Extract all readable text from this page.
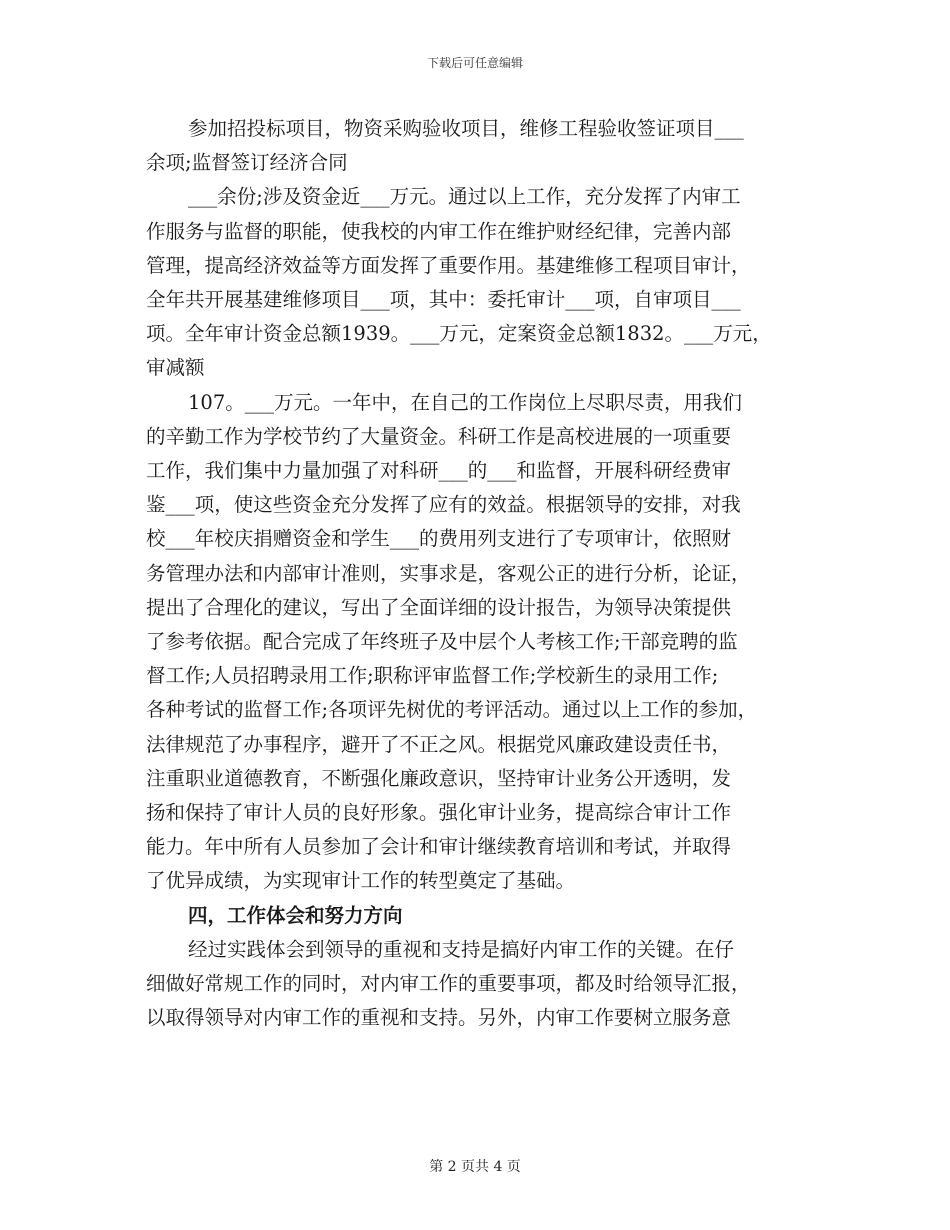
下载后可任意编辑
参加招投标项目，物资采购验收项目，维修工程验收签证项目___
余项;监督签订经济合同
___余份;涉及资金近___万元。通过以上工作，充分发挥了内审工
作服务与监督的职能，使我校的内审工作在维护财经纪律，完善内部
管理，提高经济效益等方面发挥了重要作用。基建维修工程项目审计，
全年共开展基建维修项目___项，其中：委托审计___项，自审项目___
项。全年审计资金总额1939。___万元，定案资金总额1832。___万元，
审减额
107。___万元。一年中，在自己的工作岗位上尽职尽责，用我们
的辛勤工作为学校节约了大量资金。科研工作是高校进展的一项重要
工作，我们集中力量加强了对科研___的___和监督，开展科研经费审
鉴___项，使这些资金充分发挥了应有的效益。根据领导的安排，对我
校___年校庆捐赠资金和学生___的费用列支进行了专项审计，依照财
务管理办法和内部审计准则，实事求是，客观公正的进行分析，论证，
提出了合理化的建议，写出了全面详细的设计报告，为领导决策提供
了参考依据。配合完成了年终班子及中层个人考核工作;干部竞聘的监
督工作;人员招聘录用工作;职称评审监督工作;学校新生的录用工作;
各种考试的监督工作;各项评先树优的考评活动。通过以上工作的参加，
法律规范了办事程序，避开了不正之风。根据党风廉政建设责任书，
注重职业道德教育，不断强化廉政意识，坚持审计业务公开透明，发
扬和保持了审计人员的良好形象。强化审计业务，提高综合审计工作
能力。年中所有人员参加了会计和审计继续教育培训和考试，并取得
了优异成绩，为实现审计工作的转型奠定了基础。
四，工作体会和努力方向
经过实践体会到领导的重视和支持是搞好内审工作的关键。在仔
细做好常规工作的同时，对内审工作的重要事项，都及时给领导汇报，
以取得领导对内审工作的重视和支持。另外，内审工作要树立服务意
第 2 页共 4 页
